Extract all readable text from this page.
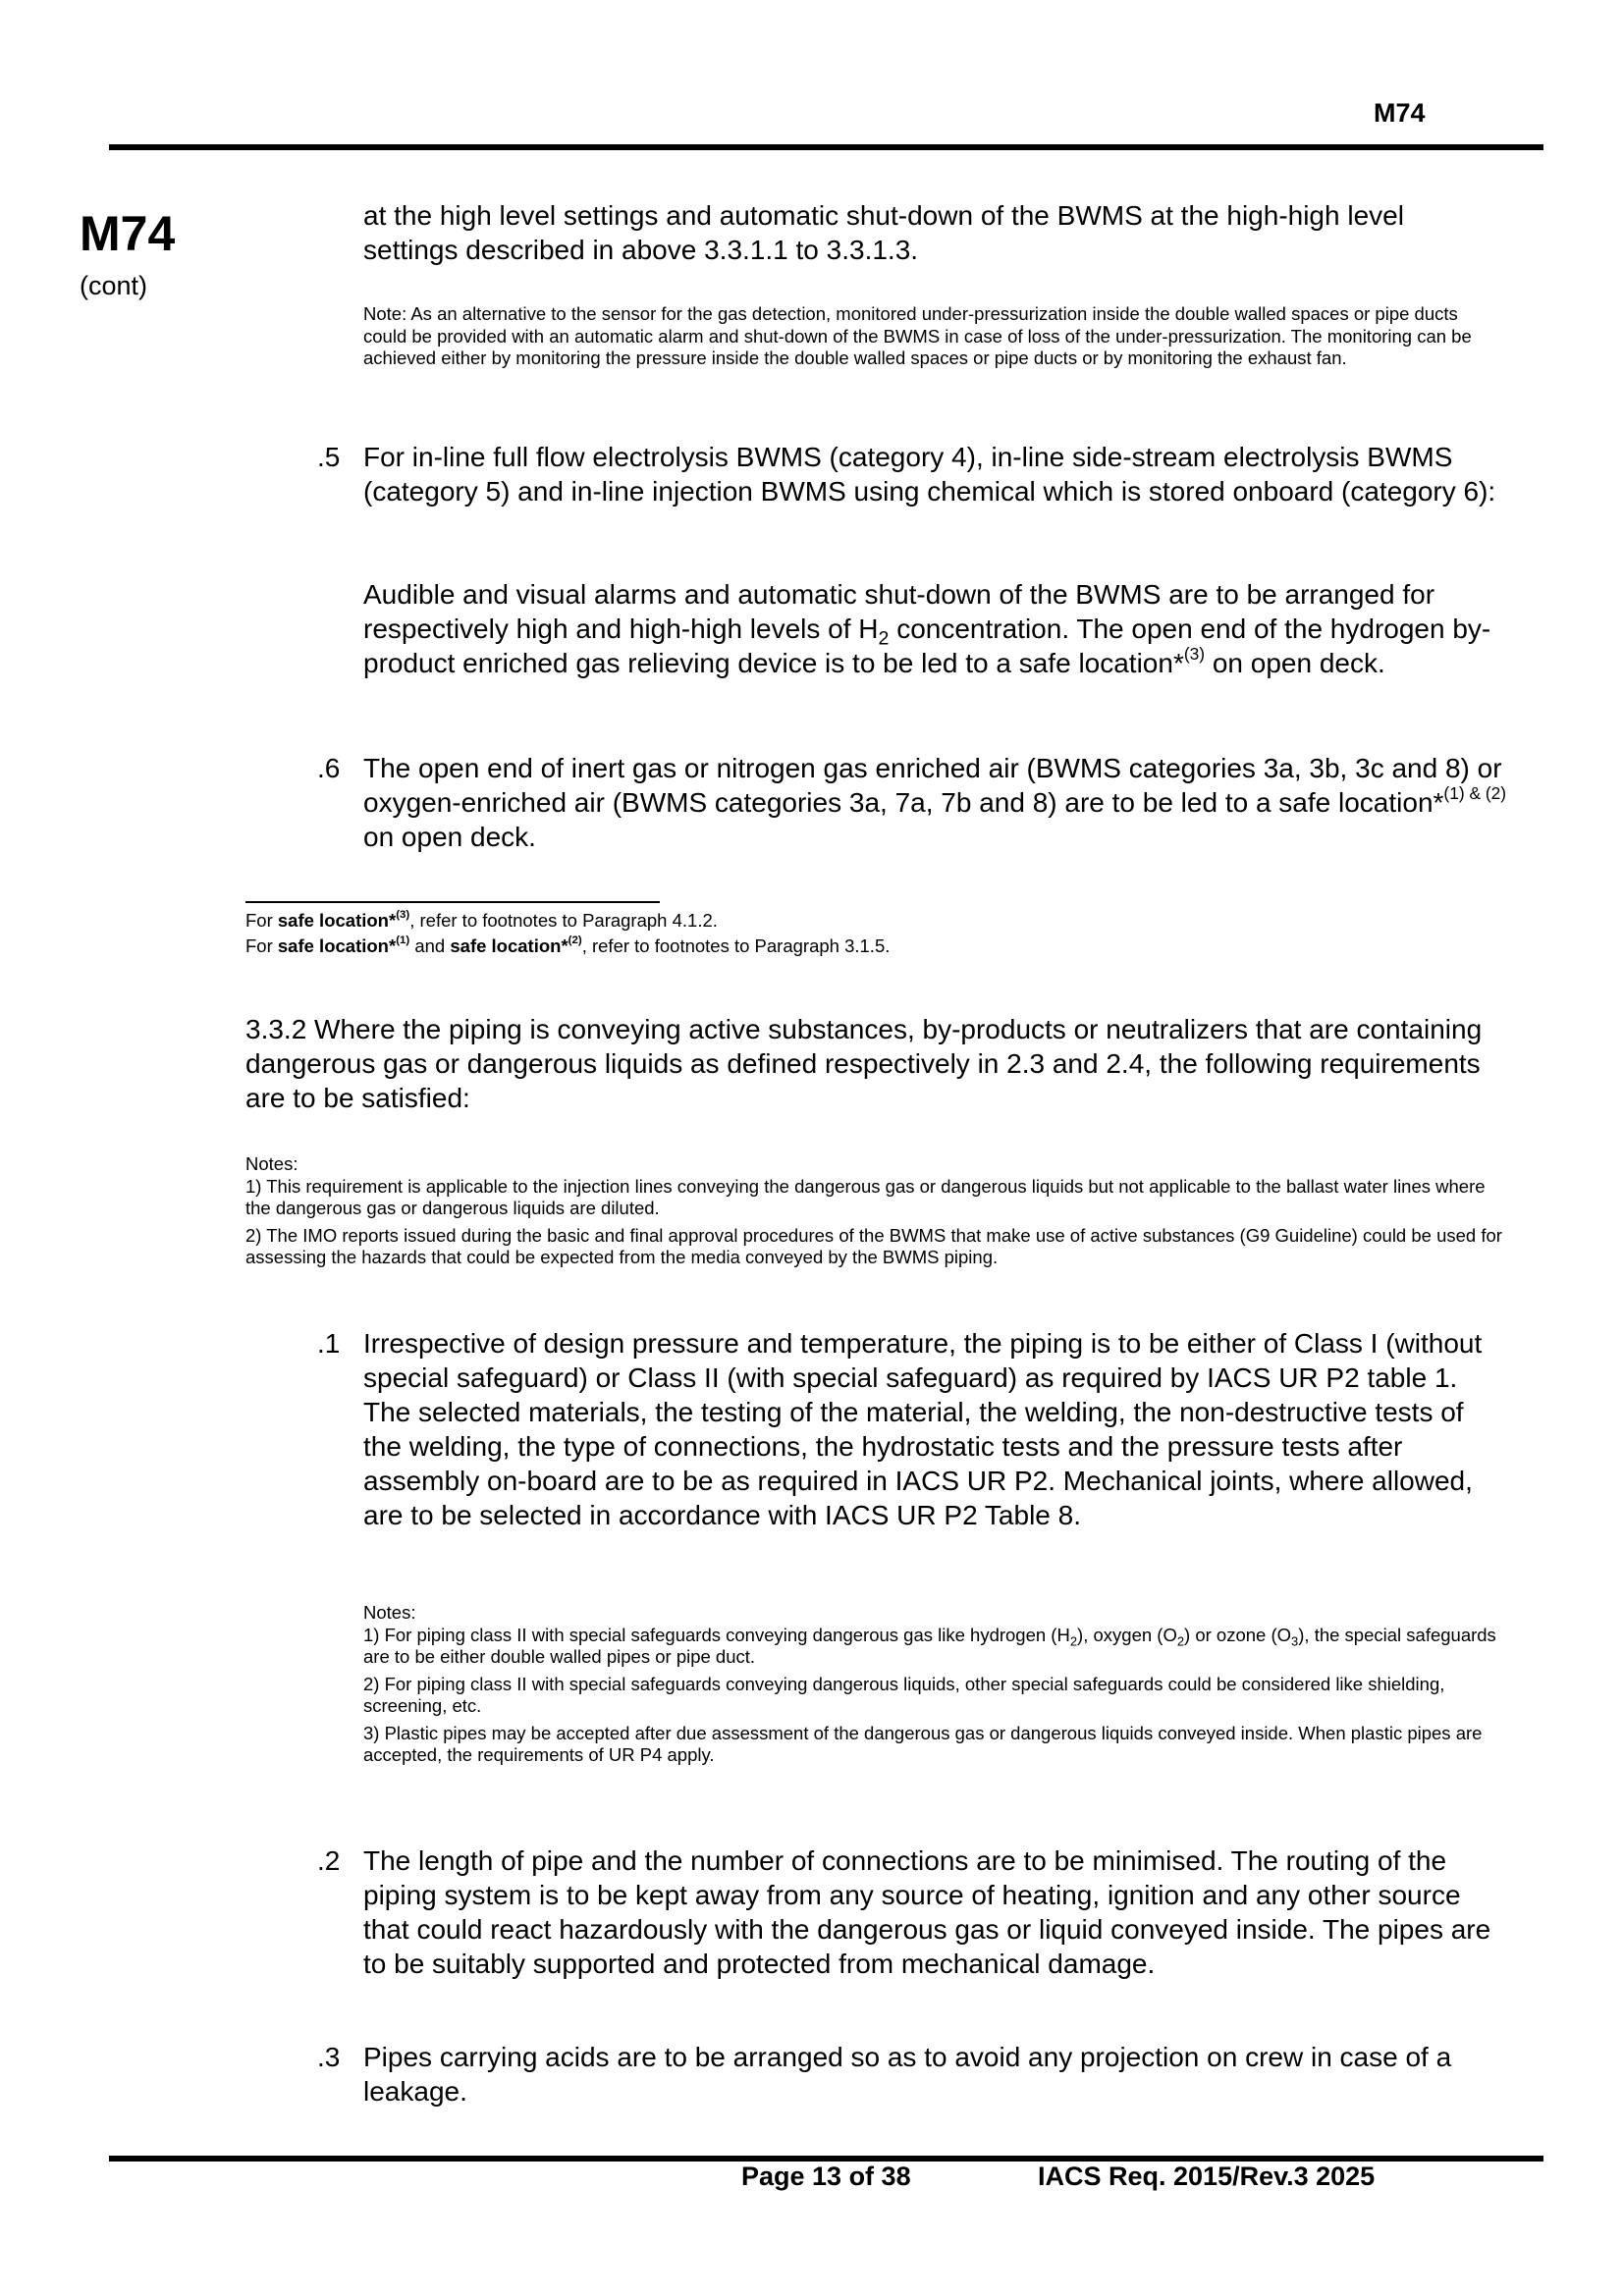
M74
M74
(cont)
at the high level settings and automatic shut-down of the BWMS at the high-high level settings described in above 3.3.1.1 to 3.3.1.3.
Note: As an alternative to the sensor for the gas detection, monitored under-pressurization inside the double walled spaces or pipe ducts could be provided with an automatic alarm and shut-down of the BWMS in case of loss of the under-pressurization. The monitoring can be achieved either by monitoring the pressure inside the double walled spaces or pipe ducts or by monitoring the exhaust fan.
.5 For in-line full flow electrolysis BWMS (category 4), in-line side-stream electrolysis BWMS (category 5) and in-line injection BWMS using chemical which is stored onboard (category 6):
Audible and visual alarms and automatic shut-down of the BWMS are to be arranged for respectively high and high-high levels of $H_2$ concentration. The open end of the hydrogen by-product enriched gas relieving device is to be led to a safe location*$^{(3)}$ on open deck.
.6 The open end of inert gas or nitrogen gas enriched air (BWMS categories 3a, 3b, 3c and 8) or oxygen-enriched air (BWMS categories 3a, 7a, 7b and 8) are to be led to a safe location*$^{(1) \& (2)}$ on open deck.
For safe location*$^{(3)}$, refer to footnotes to Paragraph 4.1.2.
For safe location*$^{(1)}$ and safe location*$^{(2)}$, refer to footnotes to Paragraph 3.1.5.
3.3.2 Where the piping is conveying active substances, by-products or neutralizers that are containing dangerous gas or dangerous liquids as defined respectively in 2.3 and 2.4, the following requirements are to be satisfied:

Notes:

1) This requirement is applicable to the injection lines conveying the dangerous gas or dangerous liquids but not applicable to the ballast water lines where the dangerous gas or dangerous liquids are diluted.

2) The IMO reports issued during the basic and final approval procedures of the BWMS that make use of active substances (G9 Guideline) could be used for assessing the hazards that could be expected from the media conveyed by the BWMS piping.

.1 Irrespective of design pressure and temperature, the piping is to be either of Class I (without special safeguard) or Class II (with special safeguard) as required by IACS UR P2 table 1. The selected materials, the testing of the material, the welding, the non-destructive tests of the welding, the type of connections, the hydrostatic tests and the pressure tests after assembly on-board are to be as required in IACS UR P2. Mechanical joints, where allowed, are to be selected in accordance with IACS UR P2 Table 8.

Notes:

1) For piping class II with special safeguards conveying dangerous gas like hydrogen $(H_2)$, oxygen $(O_2)$ or ozone $(O_3)$, the special safeguards are to be either double walled pipes or pipe duct.

2) For piping class II with special safeguards conveying dangerous liquids, other special safeguards could be considered like shielding, screening, etc.

3) Plastic pipes may be accepted after due assessment of the dangerous gas or dangerous liquids conveyed inside. When plastic pipes are accepted, the requirements of UR P4 apply.

.2 The length of pipe and the number of connections are to be minimised. The routing of the piping system is to be kept away from any source of heating, ignition and any other source that could react hazardously with the dangerous gas or liquid conveyed inside. The pipes are to be suitably supported and protected from mechanical damage.
.3 Pipes carrying acids are to be arranged so as to avoid any projection on crew in case of a leakage.
Page 13 of 38	IACS Req. 2015/Rev.3 2025
